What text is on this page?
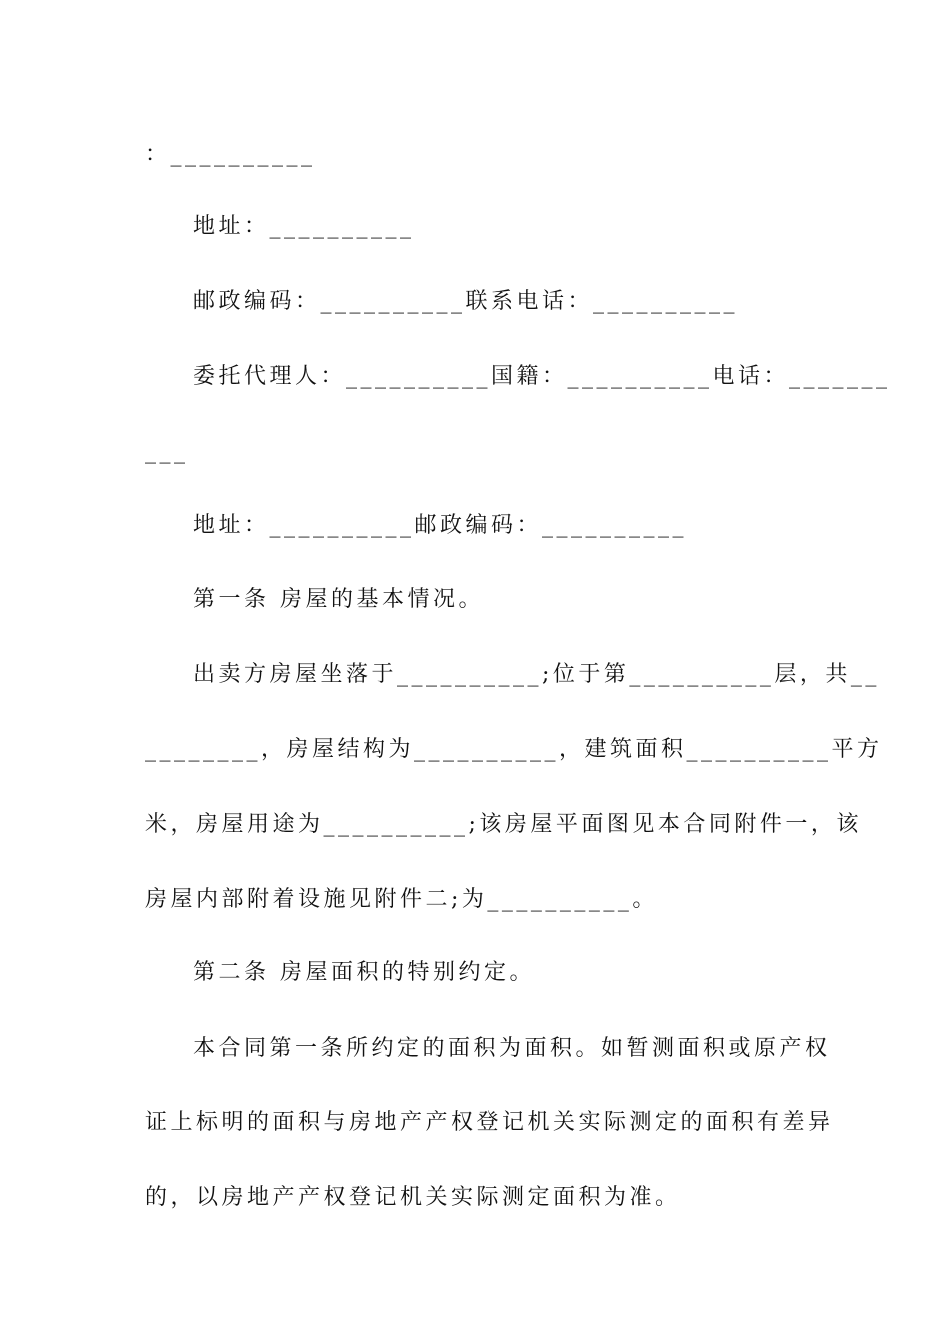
：__________
地址：__________
邮政编码：__________联系电话：__________
委托代理人：__________国籍：__________电话：_______
___
地址：__________邮政编码：__________
第一条 房屋的基本情况。
出卖方房屋坐落于__________;位于第__________层，共__
________，房屋结构为__________，建筑面积__________平方
米，房屋用途为__________;该房屋平面图见本合同附件一，该
房屋内部附着设施见附件二;为__________。
第二条 房屋面积的特别约定。
本合同第一条所约定的面积为面积。如暂测面积或原产权
证上标明的面积与房地产产权登记机关实际测定的面积有差异
的，以房地产产权登记机关实际测定面积为准。
